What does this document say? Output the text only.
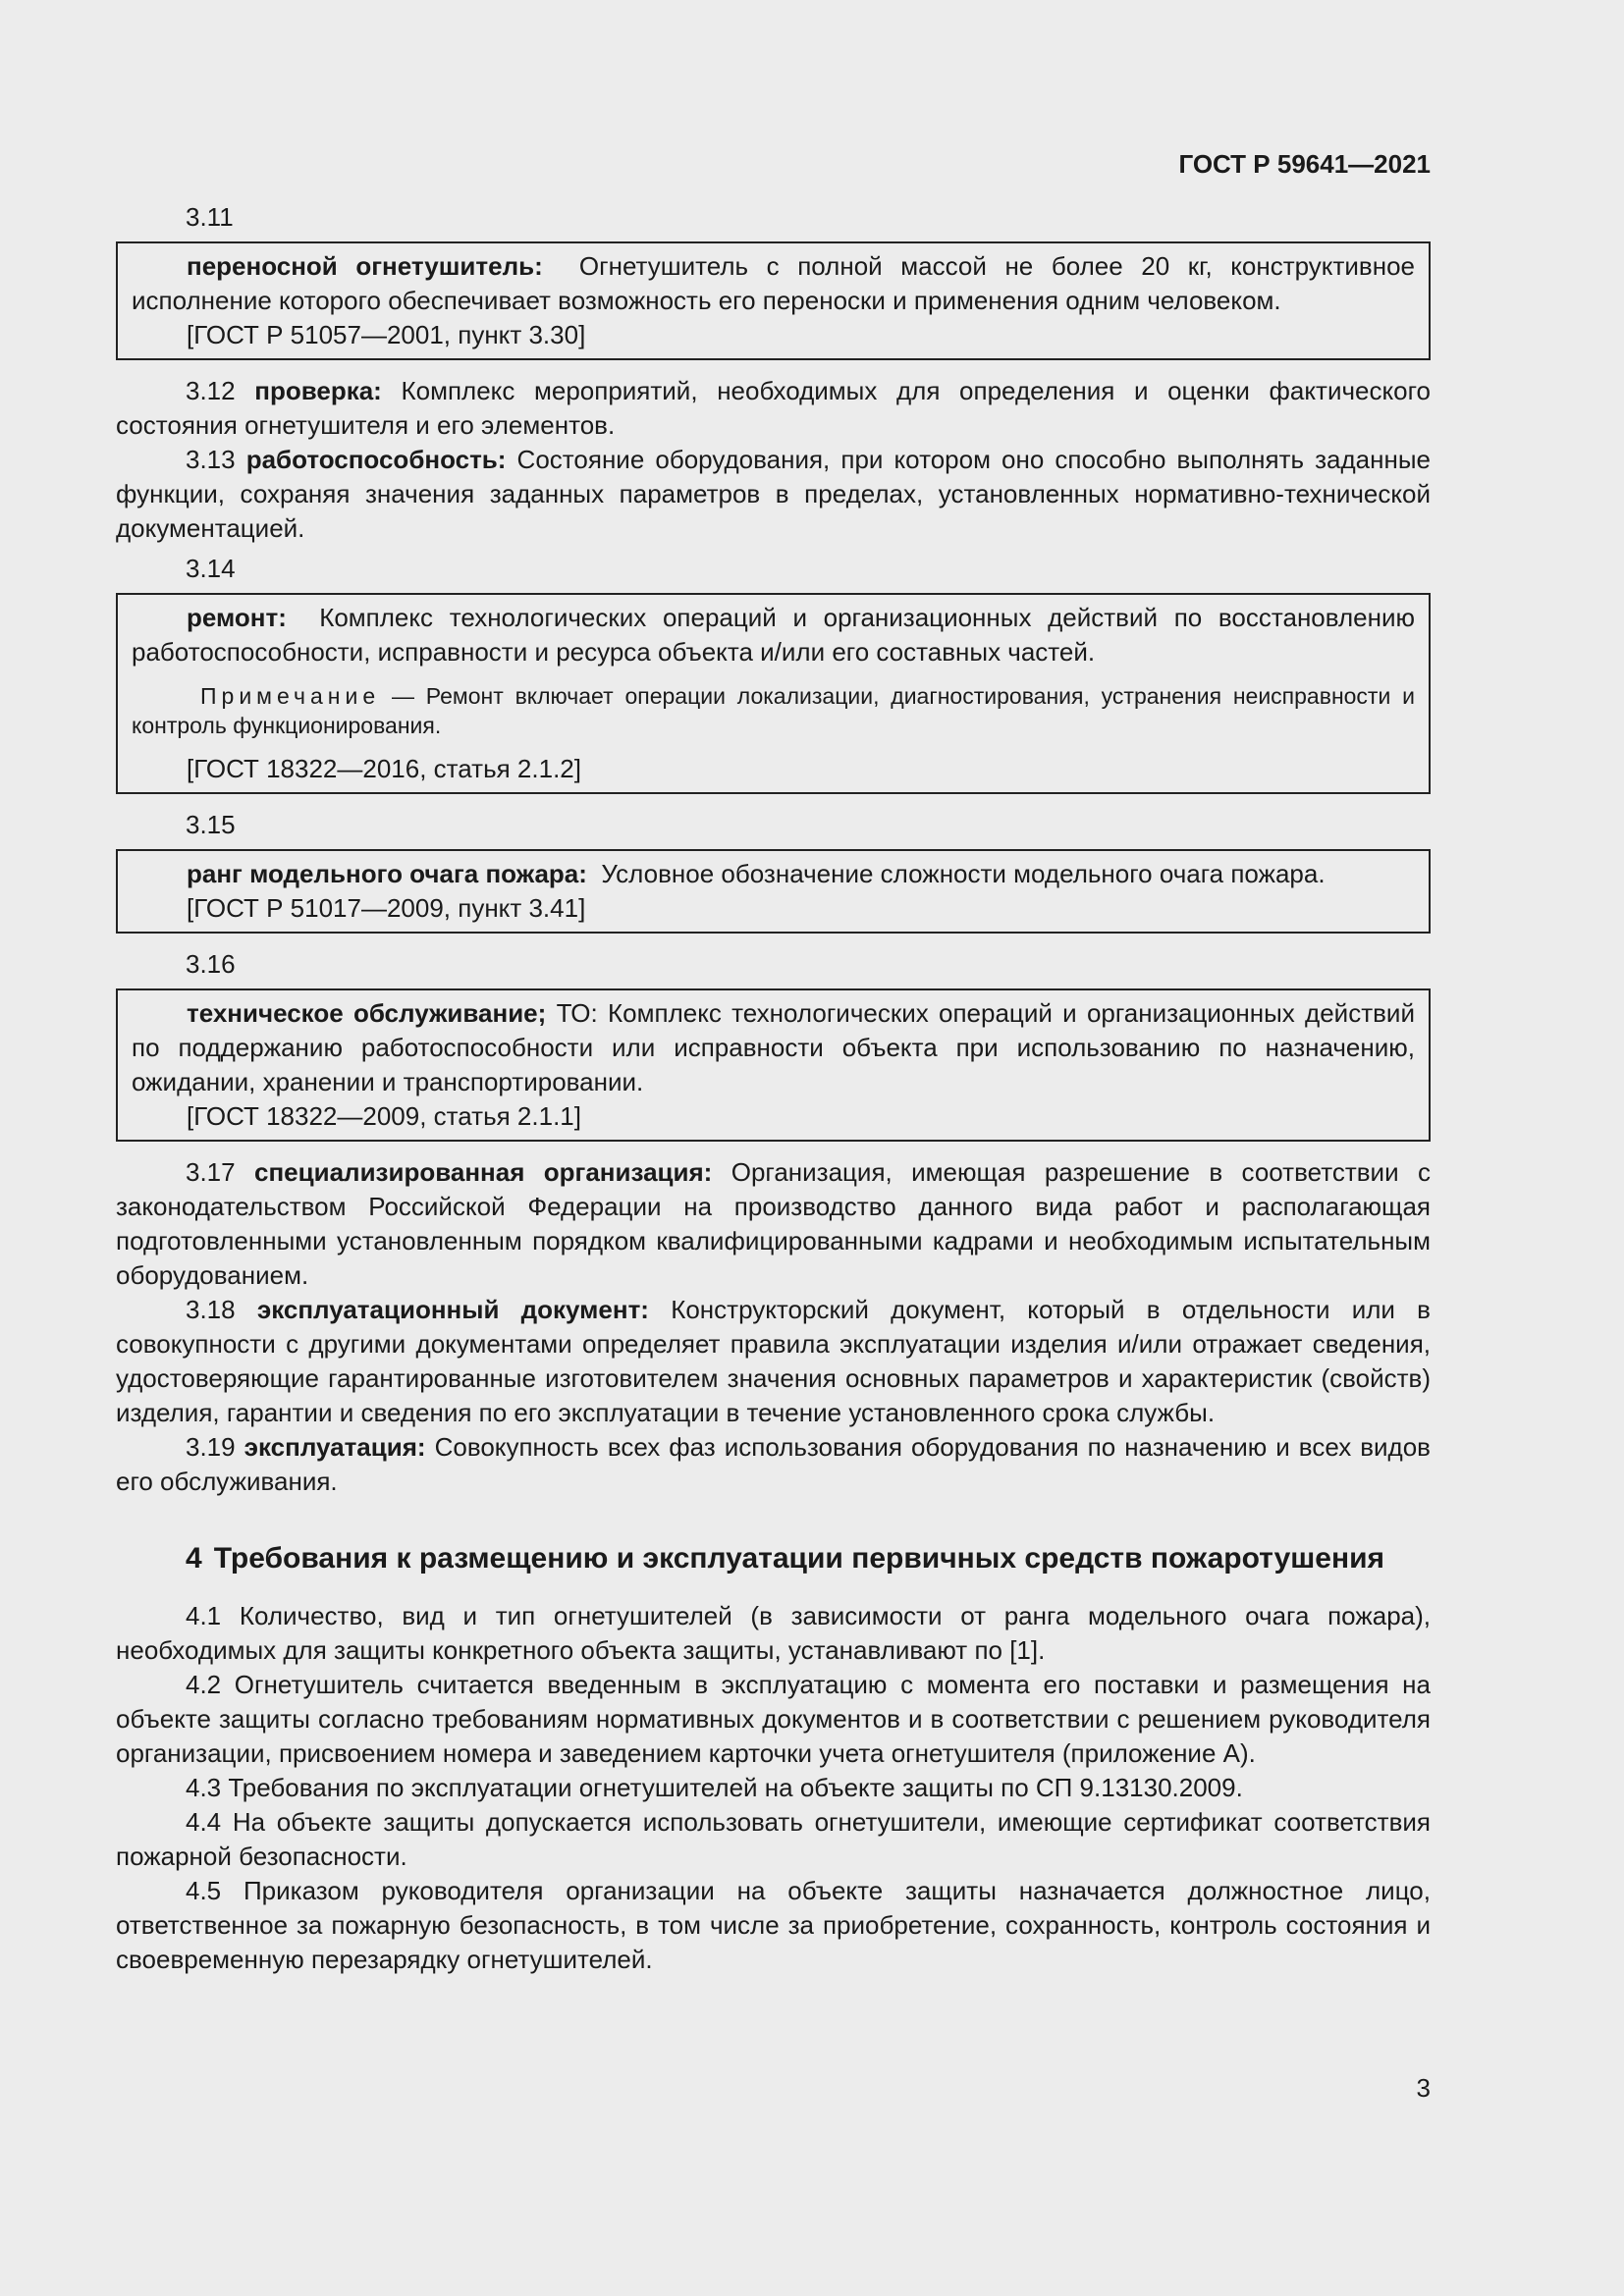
ГОСТ Р 59641—2021
3.11
переносной огнетушитель: Огнетушитель с полной массой не более 20 кг, конструктивное исполнение которого обеспечивает возможность его переноски и применения одним человеком.
[ГОСТ Р 51057—2001, пункт 3.30]

3.12 проверка: Комплекс мероприятий, необходимых для определения и оценки фактического состояния огнетушителя и его элементов.

3.13 работоспособность: Состояние оборудования, при котором оно способно выполнять заданные функции, сохраняя значения заданных параметров в пределах, установленных нормативно-технической документацией.

3.14
ремонт: Комплекс технологических операций и организационных действий по восстановлению работоспособности, исправности и ресурса объекта и/или его составных частей.
Примечание — Ремонт включает операции локализации, диагностирования, устранения неисправности и контроль функционирования.
[ГОСТ 18322—2016, статья 2.1.2]
3.15
ранг модельного очага пожара: Условное обозначение сложности модельного очага пожара.
[ГОСТ Р 51017—2009, пункт 3.41]
3.16
техническое обслуживание; ТО: Комплекс технологических операций и организационных действий по поддержанию работоспособности или исправности объекта при использованию по назначению, ожидании, хранении и транспортировании.
[ГОСТ 18322—2009, статья 2.1.1]

3.17 специализированная организация: Организация, имеющая разрешение в соответствии с законодательством Российской Федерации на производство данного вида работ и располагающая подготовленными установленным порядком квалифицированными кадрами и необходимым испытательным оборудованием.

3.18 эксплуатационный документ: Конструкторский документ, который в отдельности или в совокупности с другими документами определяет правила эксплуатации изделия и/или отражает сведения, удостоверяющие гарантированные изготовителем значения основных параметров и характеристик (свойств) изделия, гарантии и сведения по его эксплуатации в течение установленного срока службы.

3.19 эксплуатация: Совокупность всех фаз использования оборудования по назначению и всех видов его обслуживания.

4 Требования к размещению и эксплуатации первичных средств пожаротушения

4.1 Количество, вид и тип огнетушителей (в зависимости от ранга модельного очага пожара), необходимых для защиты конкретного объекта защиты, устанавливают по [1].

4.2 Огнетушитель считается введенным в эксплуатацию с момента его поставки и размещения на объекте защиты согласно требованиям нормативных документов и в соответствии с решением руководителя организации, присвоением номера и заведением карточки учета огнетушителя (приложение А).

4.3 Требования по эксплуатации огнетушителей на объекте защиты по СП 9.13130.2009.

4.4 На объекте защиты допускается использовать огнетушители, имеющие сертификат соответствия пожарной безопасности.

4.5 Приказом руководителя организации на объекте защиты назначается должностное лицо, ответственное за пожарную безопасность, в том числе за приобретение, сохранность, контроль состояния и своевременную перезарядку огнетушителей.

3
